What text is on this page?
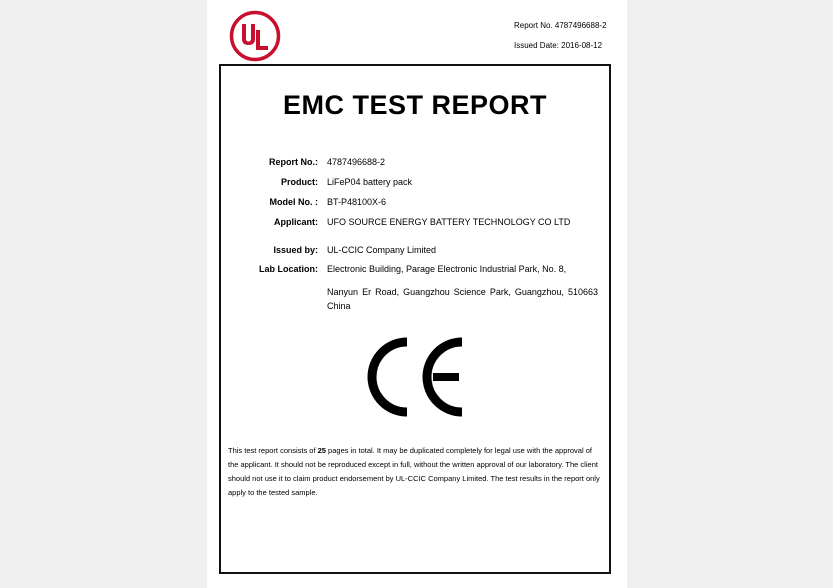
Report No. 4787496688-2
Issued Date: 2016-08-12
EMC TEST REPORT
Report No.: 4787496688-2
Product: LiFeP04 battery pack
Model No. : BT-P48100X-6
Applicant: UFO SOURCE ENERGY BATTERY TECHNOLOGY CO LTD
Issued by: UL-CCIC Company Limited
Lab Location: Electronic Building, Parage Electronic Industrial Park, No. 8,
Nanyun Er Road, Guangzhou Science Park, Guangzhou, 510663 China
This test report consists of 25 pages in total. It may be duplicated completely for legal use with the approval of the applicant. It should not be reproduced except in full, without the written approval of our laboratory. The client should not use it to claim product endorsement by UL-CCIC Company Limited. The test results in the report only apply to the tested sample.
